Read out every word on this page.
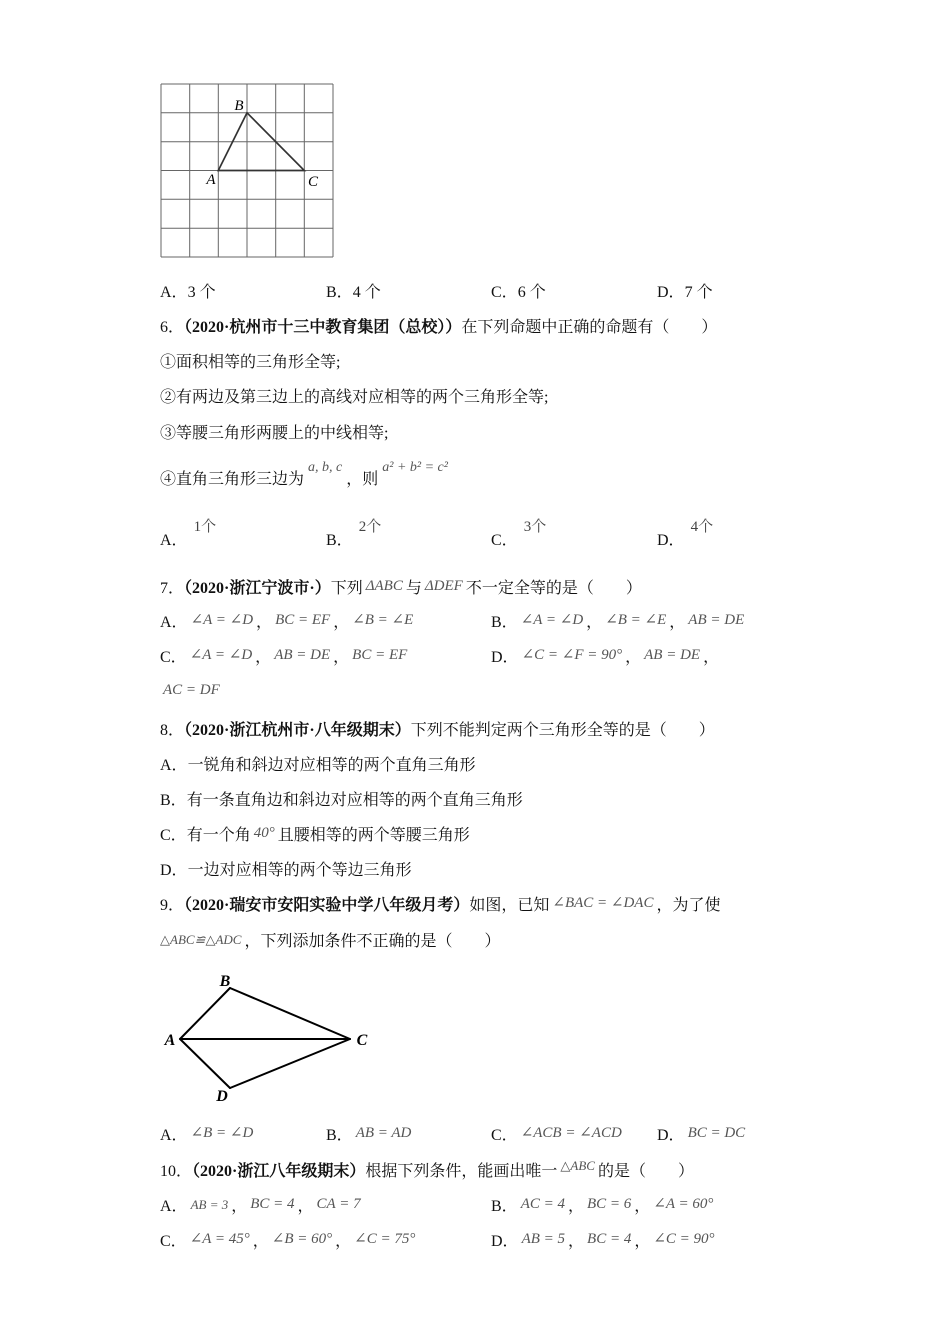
B
A	C
A．3 个	B．4 个	C．6 个	D．7 个
6．（2020·杭州市十三中教育集团（总校））在下列命题中正确的命题有（　　）
①面积相等的三角形全等;
②有两边及第三边上的高线对应相等的两个三角形全等;
③等腰三角形两腰上的中线相等;
④直角三角形三边为a, b, c，则a² + b² = c²
A．1个
B．2个
C．3个
D．4个
7．（2020·浙江宁波市·）下列 ΔABC 与 ΔDEF 不一定全等的是（　　）
A． ∠A = ∠D ， BC = EF ， ∠B = ∠E	B． ∠A = ∠D ， ∠B = ∠E ， AB = DE
C． ∠A = ∠D ， AB = DE ， BC = EF	D． ∠C = ∠F = 90° ， AB = DE ，
AC = DF
8．（2020·浙江杭州市·八年级期末）下列不能判定两个三角形全等的是（　　）
A．一锐角和斜边对应相等的两个直角三角形
B．有一条直角边和斜边对应相等的两个直角三角形
C．有一个角 40° 且腰相等的两个等腰三角形
D．一边对应相等的两个等边三角形
9．（2020·瑞安市安阳实验中学八年级月考）如图，已知 ∠BAC = ∠DAC ，为了使
△ABC≌△ADC ，下列添加条件不正确的是（　　）
B
A	C
D
A． ∠B = ∠D	B． AB = AD	C． ∠ACB = ∠ACD D． BC = DC
10．（2020·浙江八年级期末）根据下列条件，能画出唯一 $^{\triangle ABC}$ 的是（　　）
A． AB = 3 ， BC = 4 ， CA = 7	B． AC = 4 ， BC = 6 ， ∠A = 60°
C． ∠A = 45° ， ∠B = 60° ， ∠C = 75°	D． AB = 5 ， BC = 4 ， ∠C = 90°
